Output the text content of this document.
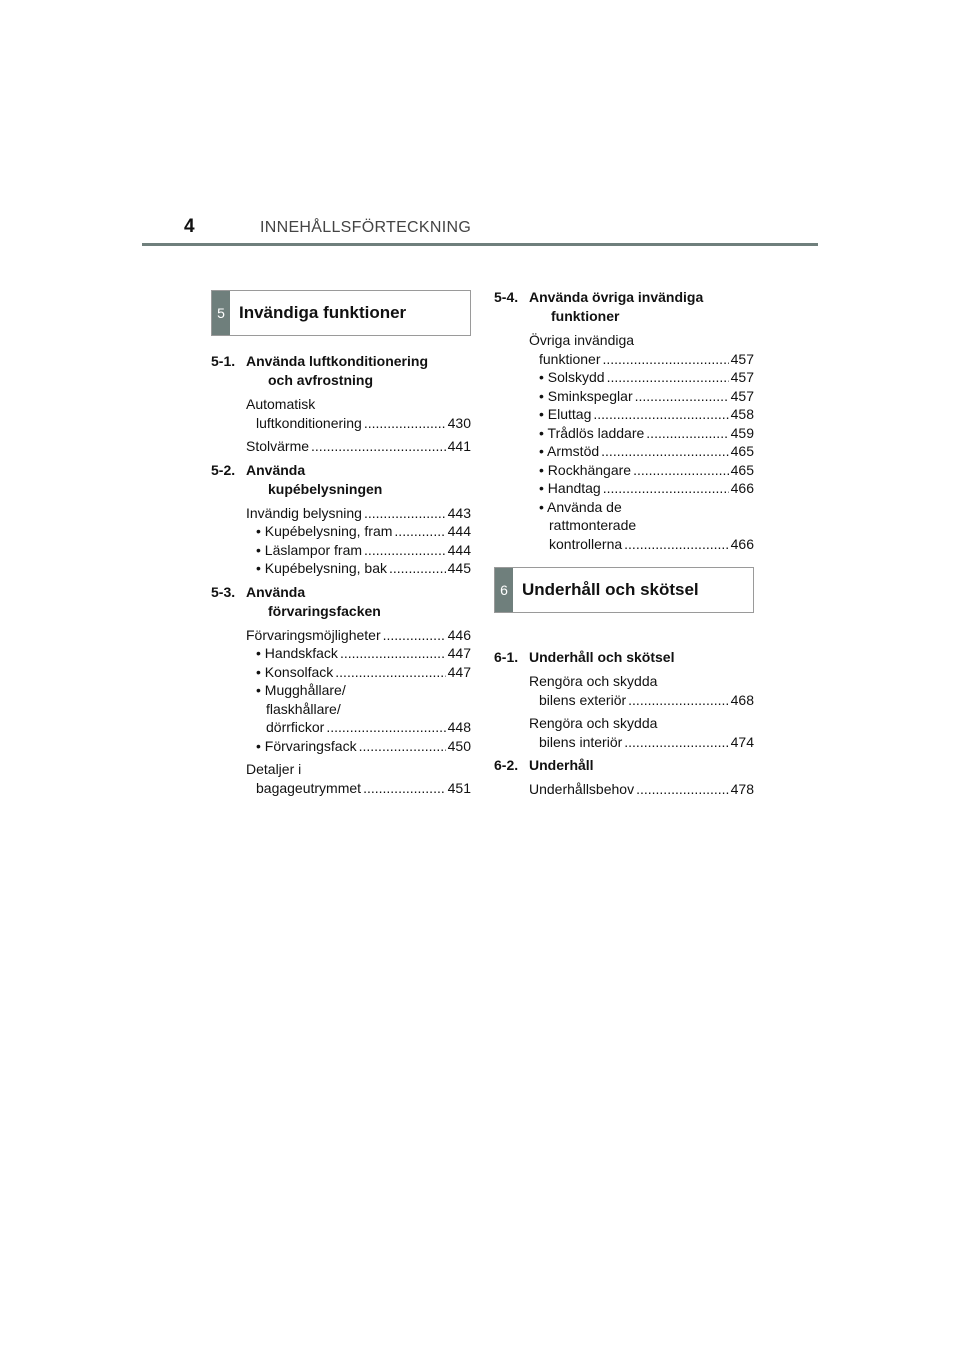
4	INNEHÅLLSFÖRTECKNING
5 Invändiga funktioner
5-1. Använda luftkonditionering
och avfrostning
Automatisk
luftkonditionering .....	430
Stolvärme .....	441
5-2. Använda
kupébelysningen
Invändig belysning .....	443
• Kupébelysning, fram .....	444
• Läslampor fram .....	444
• Kupébelysning, bak .....	445
5-3. Använda
förvaringsfacken
Förvaringsmöjligheter .....	446
• Handskfack .....	447
• Konsolfack .....	447
• Mugghållare/
flaskhållare/
dörrfickor .....	448
• Förvaringsfack .....	450
Detaljer i
bagageutrymmet .....	451
5-4. Använda övriga invändiga
funktioner
Övriga invändiga
funktioner .....	457
• Solskydd .....	457
• Sminkspeglar .....	457
• Eluttag .....	458
• Trådlös laddare .....	459
• Armstöd .....	465
• Rockhängare .....	465
• Handtag .....	466
• Använda de
rattmonterade
kontrollerna .....	466
6 Underhåll och skötsel
6-1. Underhåll och skötsel
Rengöra och skydda
bilens exteriör .....	468
Rengöra och skydda
bilens interiör .....	474
6-2. Underhåll
Underhållsbehov .....	478
